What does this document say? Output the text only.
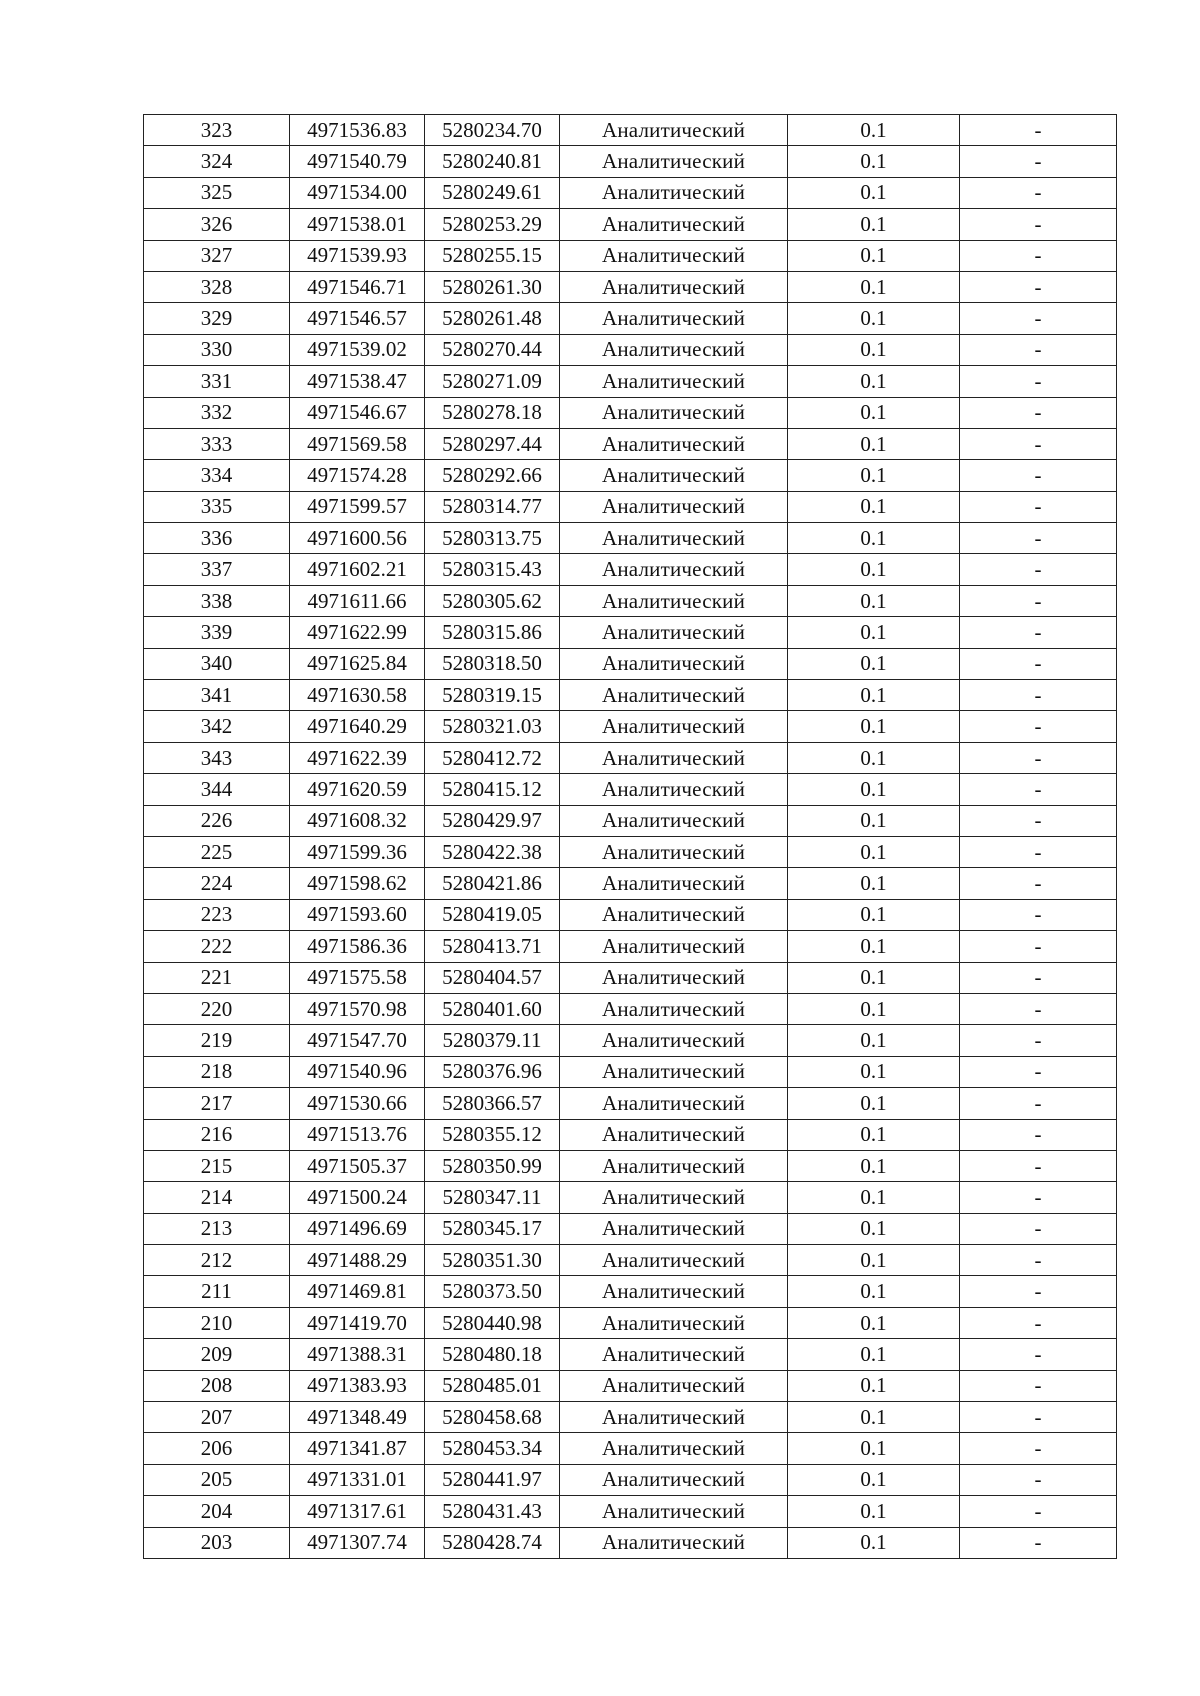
323	4971536.83	5280234.70	Аналитический	0.1	-
324	4971540.79	5280240.81	Аналитический	0.1	-
325	4971534.00	5280249.61	Аналитический	0.1	-
326	4971538.01	5280253.29	Аналитический	0.1	-
327	4971539.93	5280255.15	Аналитический	0.1	-
328	4971546.71	5280261.30	Аналитический	0.1	-
329	4971546.57	5280261.48	Аналитический	0.1	-
330	4971539.02	5280270.44	Аналитический	0.1	-
331	4971538.47	5280271.09	Аналитический	0.1	-
332	4971546.67	5280278.18	Аналитический	0.1	-
333	4971569.58	5280297.44	Аналитический	0.1	-
334	4971574.28	5280292.66	Аналитический	0.1	-
335	4971599.57	5280314.77	Аналитический	0.1	-
336	4971600.56	5280313.75	Аналитический	0.1	-
337	4971602.21	5280315.43	Аналитический	0.1	-
338	4971611.66	5280305.62	Аналитический	0.1	-
339	4971622.99	5280315.86	Аналитический	0.1	-
340	4971625.84	5280318.50	Аналитический	0.1	-
341	4971630.58	5280319.15	Аналитический	0.1	-
342	4971640.29	5280321.03	Аналитический	0.1	-
343	4971622.39	5280412.72	Аналитический	0.1	-
344	4971620.59	5280415.12	Аналитический	0.1	-
226	4971608.32	5280429.97	Аналитический	0.1	-
225	4971599.36	5280422.38	Аналитический	0.1	-
224	4971598.62	5280421.86	Аналитический	0.1	-
223	4971593.60	5280419.05	Аналитический	0.1	-
222	4971586.36	5280413.71	Аналитический	0.1	-
221	4971575.58	5280404.57	Аналитический	0.1	-
220	4971570.98	5280401.60	Аналитический	0.1	-
219	4971547.70	5280379.11	Аналитический	0.1	-
218	4971540.96	5280376.96	Аналитический	0.1	-
217	4971530.66	5280366.57	Аналитический	0.1	-
216	4971513.76	5280355.12	Аналитический	0.1	-
215	4971505.37	5280350.99	Аналитический	0.1	-
214	4971500.24	5280347.11	Аналитический	0.1	-
213	4971496.69	5280345.17	Аналитический	0.1	-
212	4971488.29	5280351.30	Аналитический	0.1	-
211	4971469.81	5280373.50	Аналитический	0.1	-
210	4971419.70	5280440.98	Аналитический	0.1	-
209	4971388.31	5280480.18	Аналитический	0.1	-
208	4971383.93	5280485.01	Аналитический	0.1	-
207	4971348.49	5280458.68	Аналитический	0.1	-
206	4971341.87	5280453.34	Аналитический	0.1	-
205	4971331.01	5280441.97	Аналитический	0.1	-
204	4971317.61	5280431.43	Аналитический	0.1	-
203	4971307.74	5280428.74	Аналитический	0.1	-
